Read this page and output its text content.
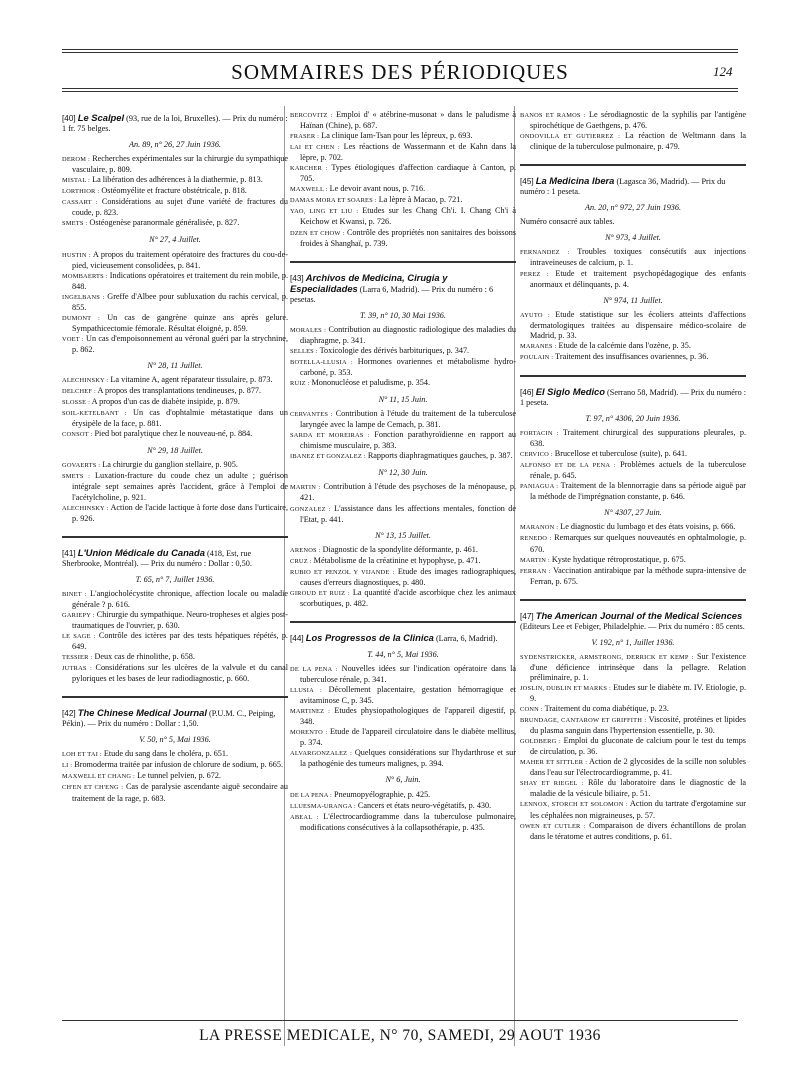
SOMMAIRES DES PÉRIODIQUES	124

[40] Le Scalpel (93, rue de la loi, Bruxelles). — Prix du numéro : 1 fr. 75 belges.

An. 89, n° 26, 27 Juin 1936.

DEROM : Recherches expérimentales sur la chirurgie du sympathique vasculaire, p. 809.

MISTAL : La libération des adhérences à la diathermie, p. 813.

LORTHIOR : Ostéomyélite et fracture obstétricale, p. 818.

CASSART : Considérations au sujet d'une variété de fractures du coude, p. 823.

SMETS : Ostéogenèse paranormale généralisée, p. 827.

N° 27, 4 Juillet.

HUSTIN : A propos du traitement opératoire des fractures du cou-de-pied, vicieusement consolidées, p. 841.

MOMBAERTS : Indications opératoires et traitement du rein mobile, p. 848.

INGELBANS : Greffe d'Albee pour subluxation du rachis cervical, p. 855.

DUMONT : Un cas de gangrène quinze ans après gelure. Sympathicectomie fémorale. Résultat éloigné, p. 859.

VOET : Un cas d'empoisonnement au véronal guéri par la strychnine, p. 862.

N° 28, 11 Juillet.

ALECHINSKY : La vitamine A, agent réparateur tissulaire, p. 873.

DELCHEF : A propos des transplantations tendineuses, p. 877.

SLOSSE : A propos d'un cas de diabète insipide, p. 879.

SOIL-KETELBANT : Un cas d'ophtalmie métastatique dans un érysipèle de la face, p. 881.

CONSOT : Pied bot paralytique chez le nouveau-né, p. 884.

N° 29, 18 Juillet.

GOVAERTS : La chirurgie du ganglion stellaire, p. 905.

SMETS : Luxation-fracture du coude chez un adulte ; guérison intégrale sept semaines après l'accident, grâce à l'emploi de l'acétylcholine, p. 921.

ALECHINSKY : Action de l'acide lactique à forte dose dans l'urticaire, p. 926.

[41] L'Union Médicale du Canada (418, Est, rue Sherbrooke, Montréal). — Prix du numéro : Dollar : 0,50.

T. 65, n° 7, Juillet 1936.

BINET : L'angiocholécystite chronique, affection locale ou maladie générale ? p. 616.

GARIEPY : Chirurgie du sympathique. Neuro-tropheses et algies post-traumatiques de l'ouvrier, p. 630.

LE SAGE : Contrôle des ictères par des tests hépatiques répétés, p. 649.

TESSIER : Deux cas de rhinolithe, p. 658.

JUTRAS : Considérations sur les ulcères de la valvule et du canal pyloriques et les bases de leur radiodiagnostic, p. 660.

[42] The Chinese Medical Journal (P.U.M. C., Peiping, Pékin). — Prix du numéro : Dollar : 1,50.

V. 50, n° 5, Mai 1936.

LOH ET TAI : Etude du sang dans le choléra, p. 651.

LI : Bromoderma traitée par infusion de chlorure de sodium, p. 665.

MAXWELL ET CHANG : Le tunnel pelvien, p. 672.

CH'EN ET CH'ENG : Cas de paralysie ascendante aiguë secondaire au traitement de la rage, p. 683.

BERCOVITZ : Emploi d' « atébrine-musonat » dans le paludisme à Haïnan (Chine), p. 687.

FRASER : La clinique Iam-Tsan pour les lépreux, p. 693.

LAI ET CHEN : Les réactions de Wassermann et de Kahn dans la lèpre, p. 702.

KARCHER : Types étiologiques d'affection cardiaque à Canton, p. 705.

MAXWELL : Le devoir avant nous, p. 716.

DAMAS MORA ET SOARES : La lèpre à Macao, p. 721.

YAO, LING ET LIU : Etudes sur les Chang Ch'i. I. Chang Ch'i à Keichow et Kwansi, p. 726.

DZEN ET CHOW : Contrôle des propriétés non sanitaires des boissons froides à Shanghaï, p. 739.

[43] Archivos de Medicina, Cirugia y Especialidades (Larra 6, Madrid). — Prix du numéro : 6 pesetas.

T. 39, n° 10, 30 Mai 1936.

MORALES : Contribution au diagnostic radiologique des maladies du diaphragme, p. 341.

SELLES : Toxicologie des dérivés barbituriques, p. 347.

BOTELLA-LLUSIA : Hormones ovariennes et métabolisme hydro-carboné, p. 353.

RUIZ : Mononucléose et paludisme, p. 354.

N° 11, 15 Juin.

CERVANTES : Contribution à l'étude du traitement de la tuberculose laryngée avec la lampe de Cemach, p. 381.

SARDA ET MOREIRAS : Fonction parathyroïdienne en rapport au chimisme musculaire, p. 383.

IBANEZ ET GONZALEZ : Rapports diaphragmatiques gauches, p. 387.

N° 12, 30 Juin.

MARTIN : Contribution à l'étude des psychoses de la ménopause, p. 421.

GONZALEZ : L'assistance dans les affections mentales, fonction de l'Etat, p. 441.

N° 13, 15 Juillet.

ARENOS : Diagnostic de la spondylite déformante, p. 461.

CRUZ : Métabolisme de la créatinine et hypophyse, p. 471.

RUBIO ET PENZOL Y VIJANDE : Etude des images radiographiques, causes d'erreurs diagnostiques, p. 480.

GIROUD ET RUIZ : La quantité d'acide ascorbique chez les animaux scorbutiques, p. 482.

[44] Los Progressos de la Clinica (Larra, 6, Madrid).

T. 44, n° 5, Mai 1936.

DE LA PENA : Nouvelles idées sur l'indication opératoire dans la tuberculose rénale, p. 341.

LLUSIA : Décollement placentaire, gestation hémorragique et avitaminose C, p. 345.

MARTINEZ : Etudes physiopathologiques de l'appareil digestif, p. 348.

MORENTO : Etude de l'appareil circulatoire dans le diabète mellitus, p. 374.

ALVARGONZALEZ : Quelques considérations sur l'hydarthrose et sur la pathogénie des tumeurs malignes, p. 394.

N° 6, Juin.

DE LA PENA : Pneumopyélographie, p. 425.

LLUESMA-URANGA : Cancers et états neuro-végétatifs, p. 430.

ABEAL : L'électrocardiogramme dans la tuberculose pulmonaire, modifications consécutives à la collapsothérapie, p. 435.

BANOS ET RAMOS : Le sérodiagnostic de la syphilis par l'antigène spirochétique de Gaethgens, p. 476.

ONDOVILLA ET GUTIERREZ : La réaction de Weltmann dans la clinique de la tuberculose pulmonaire, p. 479.

[45] La Medicina Ibera (Lagasca 36, Madrid). — Prix du numéro : 1 peseta.

An. 20, n° 972, 27 Juin 1936.

Numéro consacré aux tables.

N° 973, 4 Juillet.

FERNANDEZ : Troubles toxiques consécutifs aux injections intraveineuses de calcium, p. 1.

PEREZ : Etude et traitement psychopédagogique des enfants anormaux et délinquants, p. 4.

N° 974, 11 Juillet.

AYUTO : Etude statistique sur les écoliers atteints d'affections dermatologiques traitées au dispensaire médico-scolaire de Madrid, p. 33.

MARANES : Etude de la calcémie dans l'ozène, p. 35.

POULAIN : Traitement des insuffisances ovariennes, p. 36.

[46] El Siglo Medico (Serrano 58, Madrid). — Prix du numéro : 1 peseta.

T. 97, n° 4306, 20 Juin 1936.

FORTACIN : Traitement chirurgical des suppurations pleurales, p. 638.

CERVICO : Brucellose et tuberculose (suite), p. 641.

ALFONSO ET DE LA PENA : Problèmes actuels de la tuberculose rénale, p. 645.

PANIAGUA : Traitement de la blennorragie dans sa période aiguë par la méthode de l'imprégnation constante, p. 646.

N° 4307, 27 Juin.

MARANON : Le diagnostic du lumbago et des états voisins, p. 666.

RENEDO : Remarques sur quelques nouveautés en ophtalmologie, p. 670.

MARTIN : Kyste hydatique rétroprostatique, p. 675.

FERRAN : Vaccination antirabique par la méthode supra-intensive de Ferran, p. 675.

[47] The American Journal of the Medical Sciences (Editeurs Lee et Febiger, Philadelphie. — Prix du numéro : 85 cents.

V. 192, n° 1, Juillet 1936.

SYDENSTRICKER, ARMSTRONG, DERRICK ET KEMP : Sur l'existence d'une déficience intrinsèque dans la pellagre. Relation préliminaire, p. 1.

JOSLIN, DUBLIN ET MARKS : Etudes sur le diabète m. IV. Etiologie, p. 9.

CONN : Traitement du coma diabétique, p. 23.

BRUNDAGE, CANTAROW ET GRIFFITH : Viscosité, protéines et lipides du plasma sanguin dans l'hypertension essentielle, p. 30.

GOLDBERG : Emploi du gluconate de calcium pour le test du temps de circulation, p. 36.

MAHER ET SITTLER : Action de 2 glycosides de la scille non solubles dans l'eau sur l'électrocardiogramme, p. 41.

SHAY ET RIEGEL : Rôle du laboratoire dans le diagnostic de la maladie de la vésicule biliaire, p. 51.

LENNOX, STORCH ET SOLOMON : Action du tartrate d'ergotamine sur les céphalées non migraineuses, p. 57.

OWEN ET CUTLER : Comparaison de divers échantillons de prolan dans le tératome et autres conditions, p. 61.

LA PRESSE MEDICALE, N° 70, SAMEDI, 29 AOUT 1936
